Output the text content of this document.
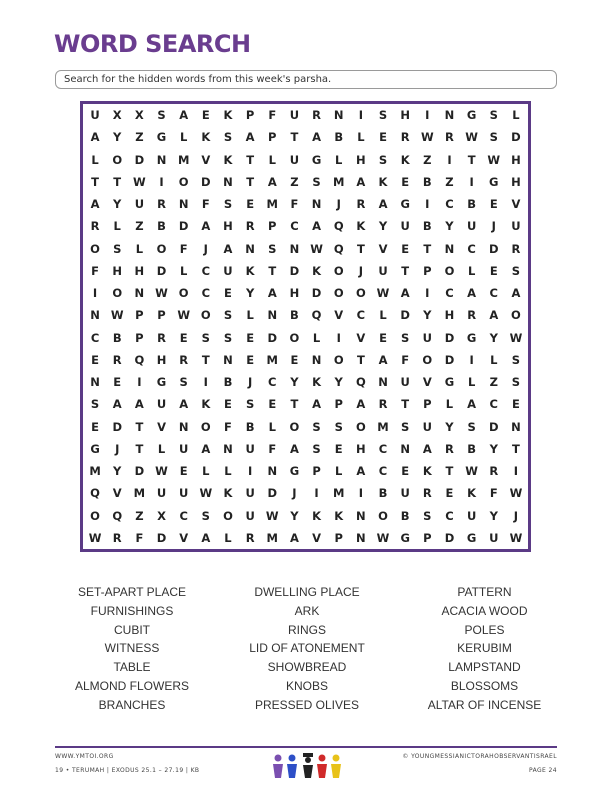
WORD SEARCH
Search for the hidden words from this week's parsha.
U	X	X	S	A	E	K	P	F	U	R	N	I	S	H	I	N	G	S	L
A	Y	Z	G	L	K	S	A	P	T	A	B	L	E	R W R W	S	D
L	O	D	N	M	V	K	T	L	U	G	L	H	S	K	Z	I	T	W H
T	T	W	I	O	D	N	T	A	Z	S	M	A	K	E	B	Z	I	G	H
A	Y	U	R	N	F	S	E	M	F	N	J	R	A	G	I	C	B	E	V
R	L	Z	B	D	A	H	R	P	C	A	Q	K	Y	U	B	Y	U	J	U
O	S	L	O	F	J	A	N	S	N W Q	T	V	E	T	N	C	D	R
F	H	H	D	L	C	U	K	T	D	K	O	J	U	T	P	O	L	E	S
I	O	N W O	C	E	Y	A	H	D	O	O W A	I	C	A	C	A
N W	P	P	W O	S	L	N	B	Q	V	C	L	D	Y	H	R	A	O
C	B	P	R	E	S	S	E	D	O	L	I	V	E	S	U	D	G	Y	W
E	R	Q	H	R	T	N	E	M	E	N	O	T	A	F	O	D	I	L	S
N	E	I	G	S	I	B	J	C	Y	K	Y	Q	N	U	V	G	L	Z	S
S	A	A	U	A	K	E	S	E	T	A	P	A	R	T	P	L	A	C	E
E	D	T	V	N	O	F	B	L	O	S	S	O	M	S	U	Y	S	D	N
G	J	T	L	U	A	N	U	F	A	S	E	H	C	N	A	R	B	Y	T
M	Y	D W	E	L	L	I	N	G	P	L	A	C	E	K	T	W R	I
Q	V	M	U	U W K	U	D	J	I	M	I	B	U	R	E	K	F	W
O	Q	Z	X	C	S	O	U W	Y	K	K	N	O	B	S	C	U	Y	J
W R	F	D	V	A	L	R	M	A	V	P	N W G	P	D	G	U W
SET-APART PLACE	DWELLING PLACE	PATTERN
FURNISHINGS	ARK	ACACIA WOOD
CUBIT	RINGS	POLES
WITNESS	LID OF ATONEMENT	KERUBIM
TABLE	SHOWBREAD	LAMPSTAND
ALMOND FLOWERS	KNOBS	BLOSSOMS
BRANCHES	PRESSED OLIVES	ALTAR OF INCENSE
WWW.YMTOI.ORG
19 • TERUMAH | EXODUS 25.1 – 27.19 | KB
© YOUNGMESSIANICTORAHOBSERVANTISRAEL
PAGE 24
